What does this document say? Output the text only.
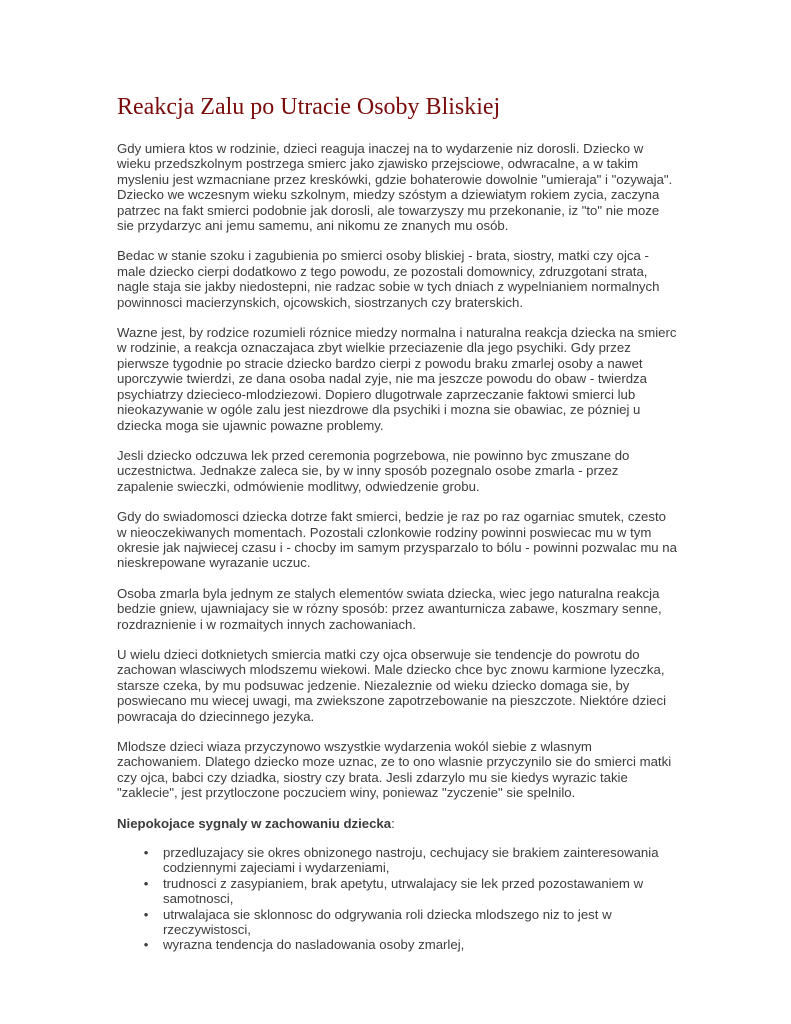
Reakcja Zalu po Utracie Osoby Bliskiej

Gdy umiera ktos w rodzinie, dzieci reaguja inaczej na to wydarzenie niz dorosli. Dziecko w wieku przedszkolnym postrzega smierc jako zjawisko przejsciowe, odwracalne, a w takim mysleniu jest wzmacniane przez kreskówki, gdzie bohaterowie dowolnie "umieraja" i "ozywaja". Dziecko we wczesnym wieku szkolnym, miedzy szóstym a dziewiatym rokiem zycia, zaczyna patrzec na fakt smierci podobnie jak dorosli, ale towarzyszy mu przekonanie, iz "to" nie moze sie przydarzyc ani jemu samemu, ani nikomu ze znanych mu osób.

Bedac w stanie szoku i zagubienia po smierci osoby bliskiej - brata, siostry, matki czy ojca - male dziecko cierpi dodatkowo z tego powodu, ze pozostali domownicy, zdruzgotani strata, nagle staja sie jakby niedostepni, nie radzac sobie w tych dniach z wypelnianiem normalnych powinnosci macierzynskich, ojcowskich, siostrzanych czy braterskich.

Wazne jest, by rodzice rozumieli róznice miedzy normalna i naturalna reakcja dziecka na smierc w rodzinie, a reakcja oznaczajaca zbyt wielkie przeciazenie dla jego psychiki. Gdy przez pierwsze tygodnie po stracie dziecko bardzo cierpi z powodu braku zmarlej osoby a nawet uporczywie twierdzi, ze dana osoba nadal zyje, nie ma jeszcze powodu do obaw - twierdza psychiatrzy dziecieco-mlodziezowi. Dopiero dlugotrwale zaprzeczanie faktowi smierci lub nieokazywanie w ogóle zalu jest niezdrowe dla psychiki i mozna sie obawiac, ze pózniej u dziecka moga sie ujawnic powazne problemy.

Jesli dziecko odczuwa lek przed ceremonia pogrzebowa, nie powinno byc zmuszane do uczestnictwa. Jednakze zaleca sie, by w inny sposób pozegnalo osobe zmarla - przez zapalenie swieczki, odmówienie modlitwy, odwiedzenie grobu.

Gdy do swiadomosci dziecka dotrze fakt smierci, bedzie je raz po raz ogarniac smutek, czesto w nieoczekiwanych momentach. Pozostali czlonkowie rodziny powinni poswiecac mu w tym okresie jak najwiecej czasu i - chocby im samym przysparzalo to bólu - powinni pozwalac mu na nieskrepowane wyrazanie uczuc.

Osoba zmarla byla jednym ze stalych elementów swiata dziecka, wiec jego naturalna reakcja bedzie gniew, ujawniajacy sie w rózny sposób: przez awanturnicza zabawe, koszmary senne, rozdraznienie i w rozmaitych innych zachowaniach.

U wielu dzieci dotknietych smiercia matki czy ojca obserwuje sie tendencje do powrotu do zachowan wlasciwych mlodszemu wiekowi. Male dziecko chce byc znowu karmione lyzeczka, starsze czeka, by mu podsuwac jedzenie. Niezaleznie od wieku dziecko domaga sie, by poswiecano mu wiecej uwagi, ma zwiekszone zapotrzebowanie na pieszczote. Niektóre dzieci powracaja do dziecinnego jezyka.

Mlodsze dzieci wiaza przyczynowo wszystkie wydarzenia wokól siebie z wlasnym zachowaniem. Dlatego dziecko moze uznac, ze to ono wlasnie przyczynilo sie do smierci matki czy ojca, babci czy dziadka, siostry czy brata. Jesli zdarzylo mu sie kiedys wyrazic takie "zaklecie", jest przytloczone poczuciem winy, poniewaz "zyczenie" sie spelnilo.

Niepokojace sygnaly w zachowaniu dziecka:

• przedluzajacy sie okres obnizonego nastroju, cechujacy sie brakiem zainteresowania codziennymi zajeciami i wydarzeniami,
• trudnosci z zasypianiem, brak apetytu, utrwalajacy sie lek przed pozostawaniem w samotnosci,
• utrwalajaca sie sklonnosc do odgrywania roli dziecka mlodszego niz to jest w rzeczywistosci,
• wyrazna tendencja do nasladowania osoby zmarlej,
